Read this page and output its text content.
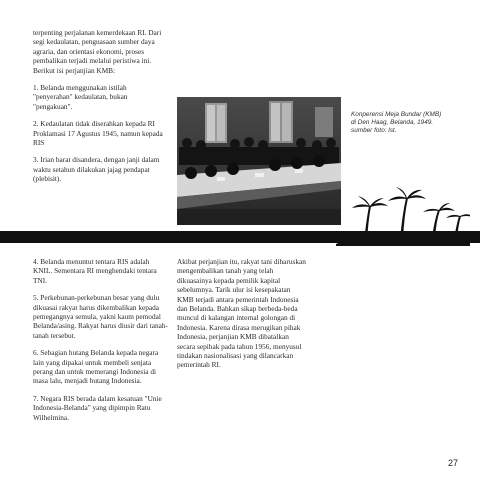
terpenting perjalanan kemerdekaan RI. Dari segi kedaulatan, penguasaan sumber daya agraria, dan orientasi ekonomi, proses pembalikan terjadi melalui peristiwa ini. Berikut isi perjanjian KMB:

1. Belanda menggunakan istilah "penyerahan" kedaulatan, bukan "pengakuan".

2. Kedaulatan tidak diserahkan kepada RI Proklamasi 17 Agustus 1945, namun kepada RIS

3. Irian barat disandera, dengan janji dalam waktu setahun dilakukan jajag pendapat (plebisit).

Konperensi Meja Bundar (KMB)
di Den Haag, Belanda, 1949.
sumber foto: lst.

4. Belanda menuntut tentara RIS adalah KNIL. Sementara RI menghendaki tentara TNI.

5. Perkebunan-perkebunan besar yang dulu dikuasai rakyat harus dikembalikan kepada pemegangnya semula, yakni kaum pemodal Belanda/asing. Rakyat harus diusir dari tanah-tanah tersebut.

6. Sebagian hutang Belanda kepada negara lain yang dipakai untuk membeli senjata perang dan untuk memerangi Indonesia di masa lalu, menjadi hutang Indonesia.

7. Negara RIS berada dalam kesatuan "Unie Indonesia-Belanda" yang dipimpin Ratu Wilhelmina.

Akibat perjanjian itu, rakyat tani diharuskan mengembalikan tanah yang telah dikuasainya kepada pemilik kapital sebelumnya. Tarik ulur isi kesepakatan KMB terjadi antara pemerintah Indonesia dan Belanda. Bahkan sikap berbeda-beda muncul di kalangan internal golongan di Indonesia. Karena dirasa merugikan pihak Indonesia, perjanjian KMB dibatalkan secara sepihak pada tahun 1956, menyusul tindakan nasionalisasi yang dilancarkan pemerintah RI.

27
